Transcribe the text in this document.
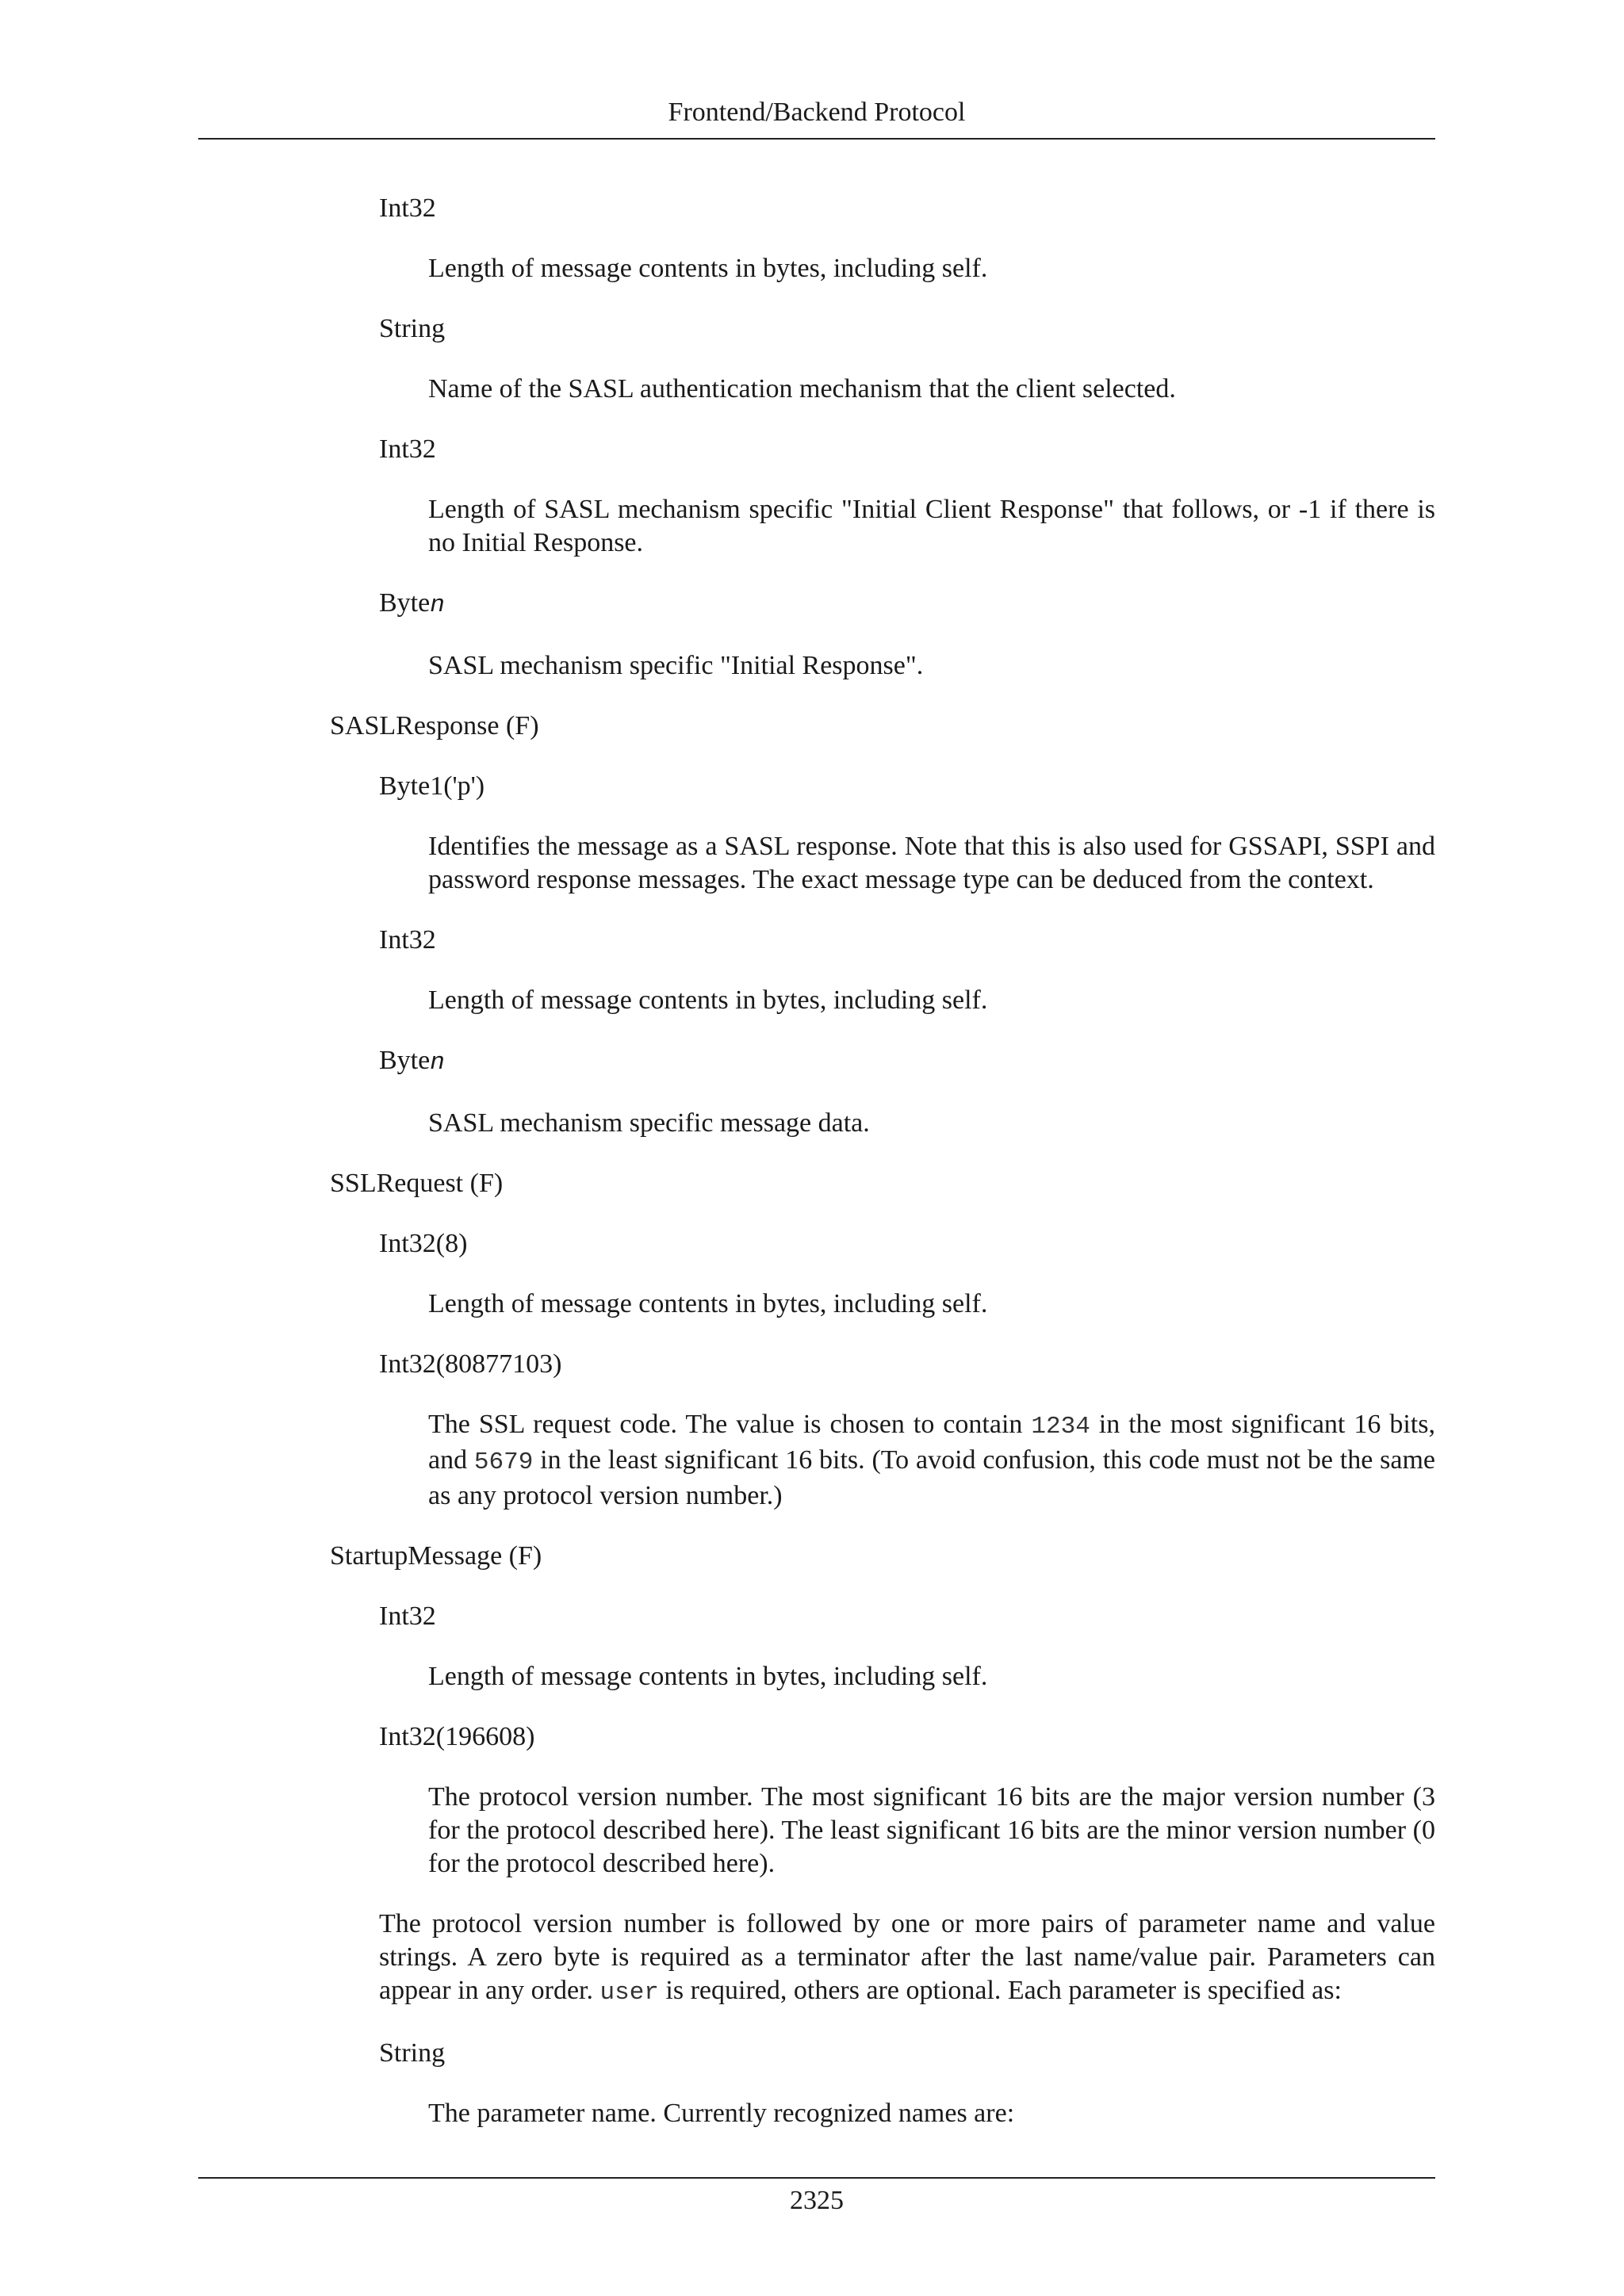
Frontend/Backend Protocol
Int32
Length of message contents in bytes, including self.
String
Name of the SASL authentication mechanism that the client selected.
Int32
Length of SASL mechanism specific "Initial Client Response" that follows, or -1 if there is no Initial Response.
Byten
SASL mechanism specific "Initial Response".
SASLResponse (F)
Byte1('p')
Identifies the message as a SASL response. Note that this is also used for GSSAPI, SSPI and password response messages. The exact message type can be deduced from the context.
Int32
Length of message contents in bytes, including self.
Byten
SASL mechanism specific message data.
SSLRequest (F)
Int32(8)
Length of message contents in bytes, including self.
Int32(80877103)
The SSL request code. The value is chosen to contain 1234 in the most significant 16 bits, and 5679 in the least significant 16 bits. (To avoid confusion, this code must not be the same as any protocol version number.)
StartupMessage (F)
Int32
Length of message contents in bytes, including self.
Int32(196608)
The protocol version number. The most significant 16 bits are the major version number (3 for the protocol described here). The least significant 16 bits are the minor version number (0 for the protocol described here).
The protocol version number is followed by one or more pairs of parameter name and value strings. A zero byte is required as a terminator after the last name/value pair. Parameters can appear in any order. user is required, others are optional. Each parameter is specified as:
String
The parameter name. Currently recognized names are:
2325
